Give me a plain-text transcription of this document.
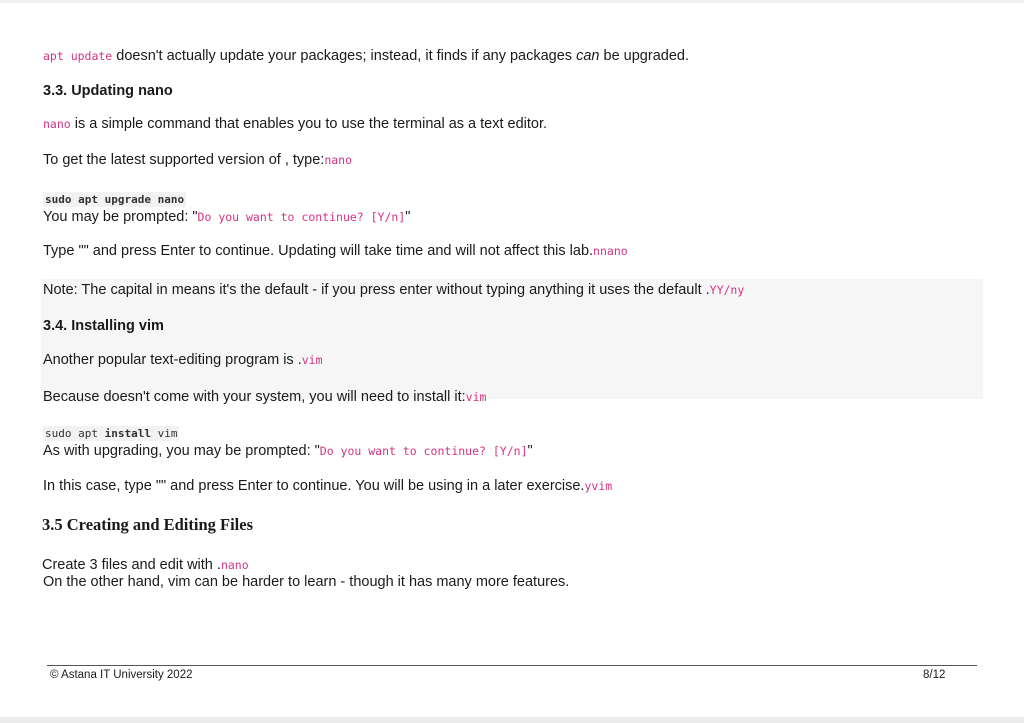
apt update doesn't actually update your packages; instead, it finds if any packages can be upgraded.
3.3. Updating nano
nano is a simple command that enables you to use the terminal as a text editor.
To get the latest supported version of , type:nano
sudo apt upgrade nano
You may be prompted: "Do you want to continue? [Y/n]"
Type "" and press Enter to continue. Updating will take time and will not affect this lab.nnano
Note: The capital in means it's the default - if you press enter without typing anything it uses the default .YY/ny
3.4. Installing vim
Another popular text-editing program is .vim
Because doesn't come with your system, you will need to install it:vim
sudo apt install vim
As with upgrading, you may be prompted: "Do you want to continue? [Y/n]"
In this case, type "" and press Enter to continue. You will be using in a later exercise.yvim
3.5 Creating and Editing Files
Create 3 files and edit with .nano
On the other hand, vim can be harder to learn - though it has many more features.
© Astana IT University 2022	8/12
